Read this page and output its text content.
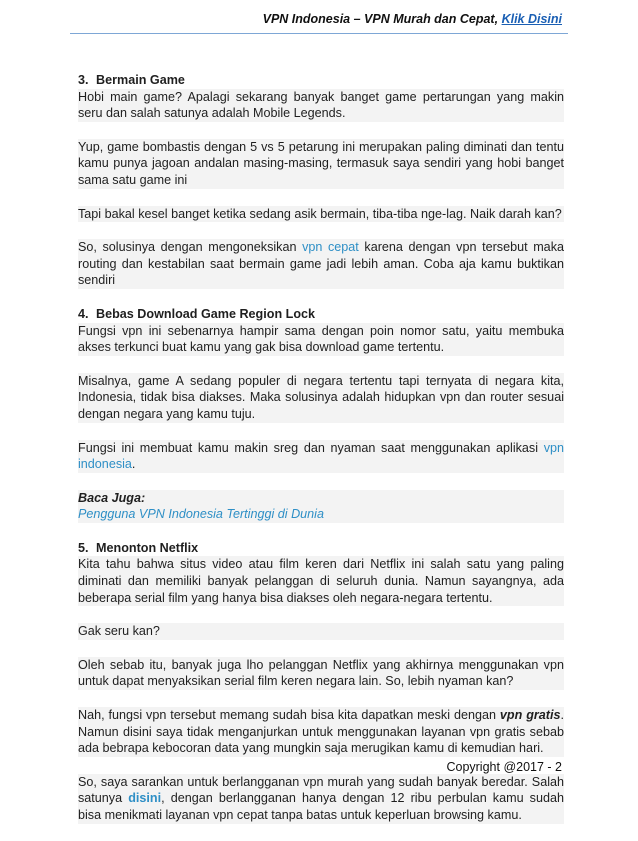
VPN Indonesia – VPN Murah dan Cepat, Klik Disini
3. Bermain Game
Hobi main game? Apalagi sekarang banyak banget game pertarungan yang makin seru dan salah satunya adalah Mobile Legends.
Yup, game bombastis dengan 5 vs 5 petarung ini merupakan paling diminati dan tentu kamu punya jagoan andalan masing-masing, termasuk saya sendiri yang hobi banget sama satu game ini
Tapi bakal kesel banget ketika sedang asik bermain, tiba-tiba nge-lag. Naik darah kan?
So, solusinya dengan mengoneksikan vpn cepat karena dengan vpn tersebut maka routing dan kestabilan saat bermain game jadi lebih aman. Coba aja kamu buktikan sendiri
4. Bebas Download Game Region Lock
Fungsi vpn ini sebenarnya hampir sama dengan poin nomor satu, yaitu membuka akses terkunci buat kamu yang gak bisa download game tertentu.
Misalnya, game A sedang populer di negara tertentu tapi ternyata di negara kita, Indonesia, tidak bisa diakses. Maka solusinya adalah hidupkan vpn dan router sesuai dengan negara yang kamu tuju.
Fungsi ini membuat kamu makin sreg dan nyaman saat menggunakan aplikasi vpn indonesia.
Baca Juga:
Pengguna VPN Indonesia Tertinggi di Dunia
5. Menonton Netflix
Kita tahu bahwa situs video atau film keren dari Netflix ini salah satu yang paling diminati dan memiliki banyak pelanggan di seluruh dunia. Namun sayangnya, ada beberapa serial film yang hanya bisa diakses oleh negara-negara tertentu.
Gak seru kan?
Oleh sebab itu, banyak juga lho pelanggan Netflix yang akhirnya menggunakan vpn untuk dapat menyaksikan serial film keren negara lain. So, lebih nyaman kan?
Nah, fungsi vpn tersebut memang sudah bisa kita dapatkan meski dengan vpn gratis. Namun disini saya tidak menganjurkan untuk menggunakan layanan vpn gratis sebab ada bebrapa kebocoran data yang mungkin saja merugikan kamu di kemudian hari.
So, saya sarankan untuk berlangganan vpn murah yang sudah banyak beredar. Salah satunya disini, dengan berlangganan hanya dengan 12 ribu perbulan kamu sudah bisa menikmati layanan vpn cepat tanpa batas untuk keperluan browsing kamu.
Copyright @2017 - 2
